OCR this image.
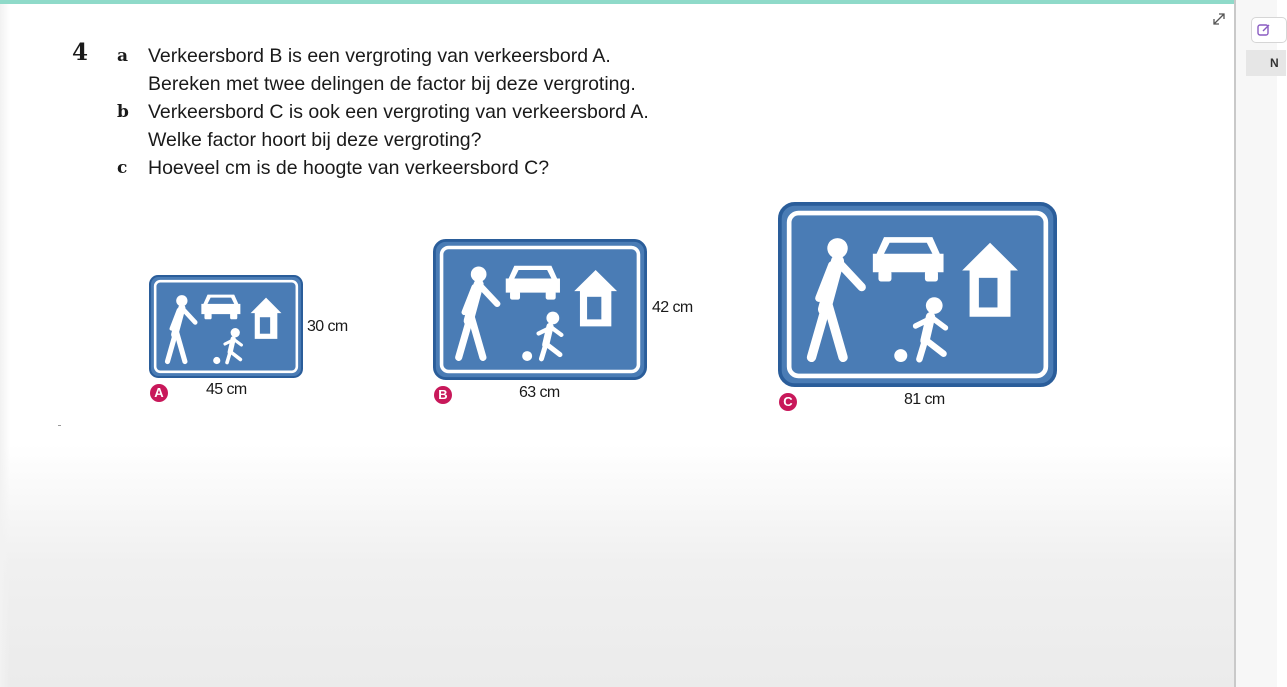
N
4 a Verkeersbord B is een vergroting van verkeersbord A.
Bereken met twee delingen de factor bij deze vergroting.
b Verkeersbord C is ook een vergroting van verkeersbord A.
Welke factor hoort bij deze vergroting?
c Hoeveel cm is de hoogte van verkeersbord C?
30 cm
45 cm
A
42 cm
63 cm
B	81 cm
C
